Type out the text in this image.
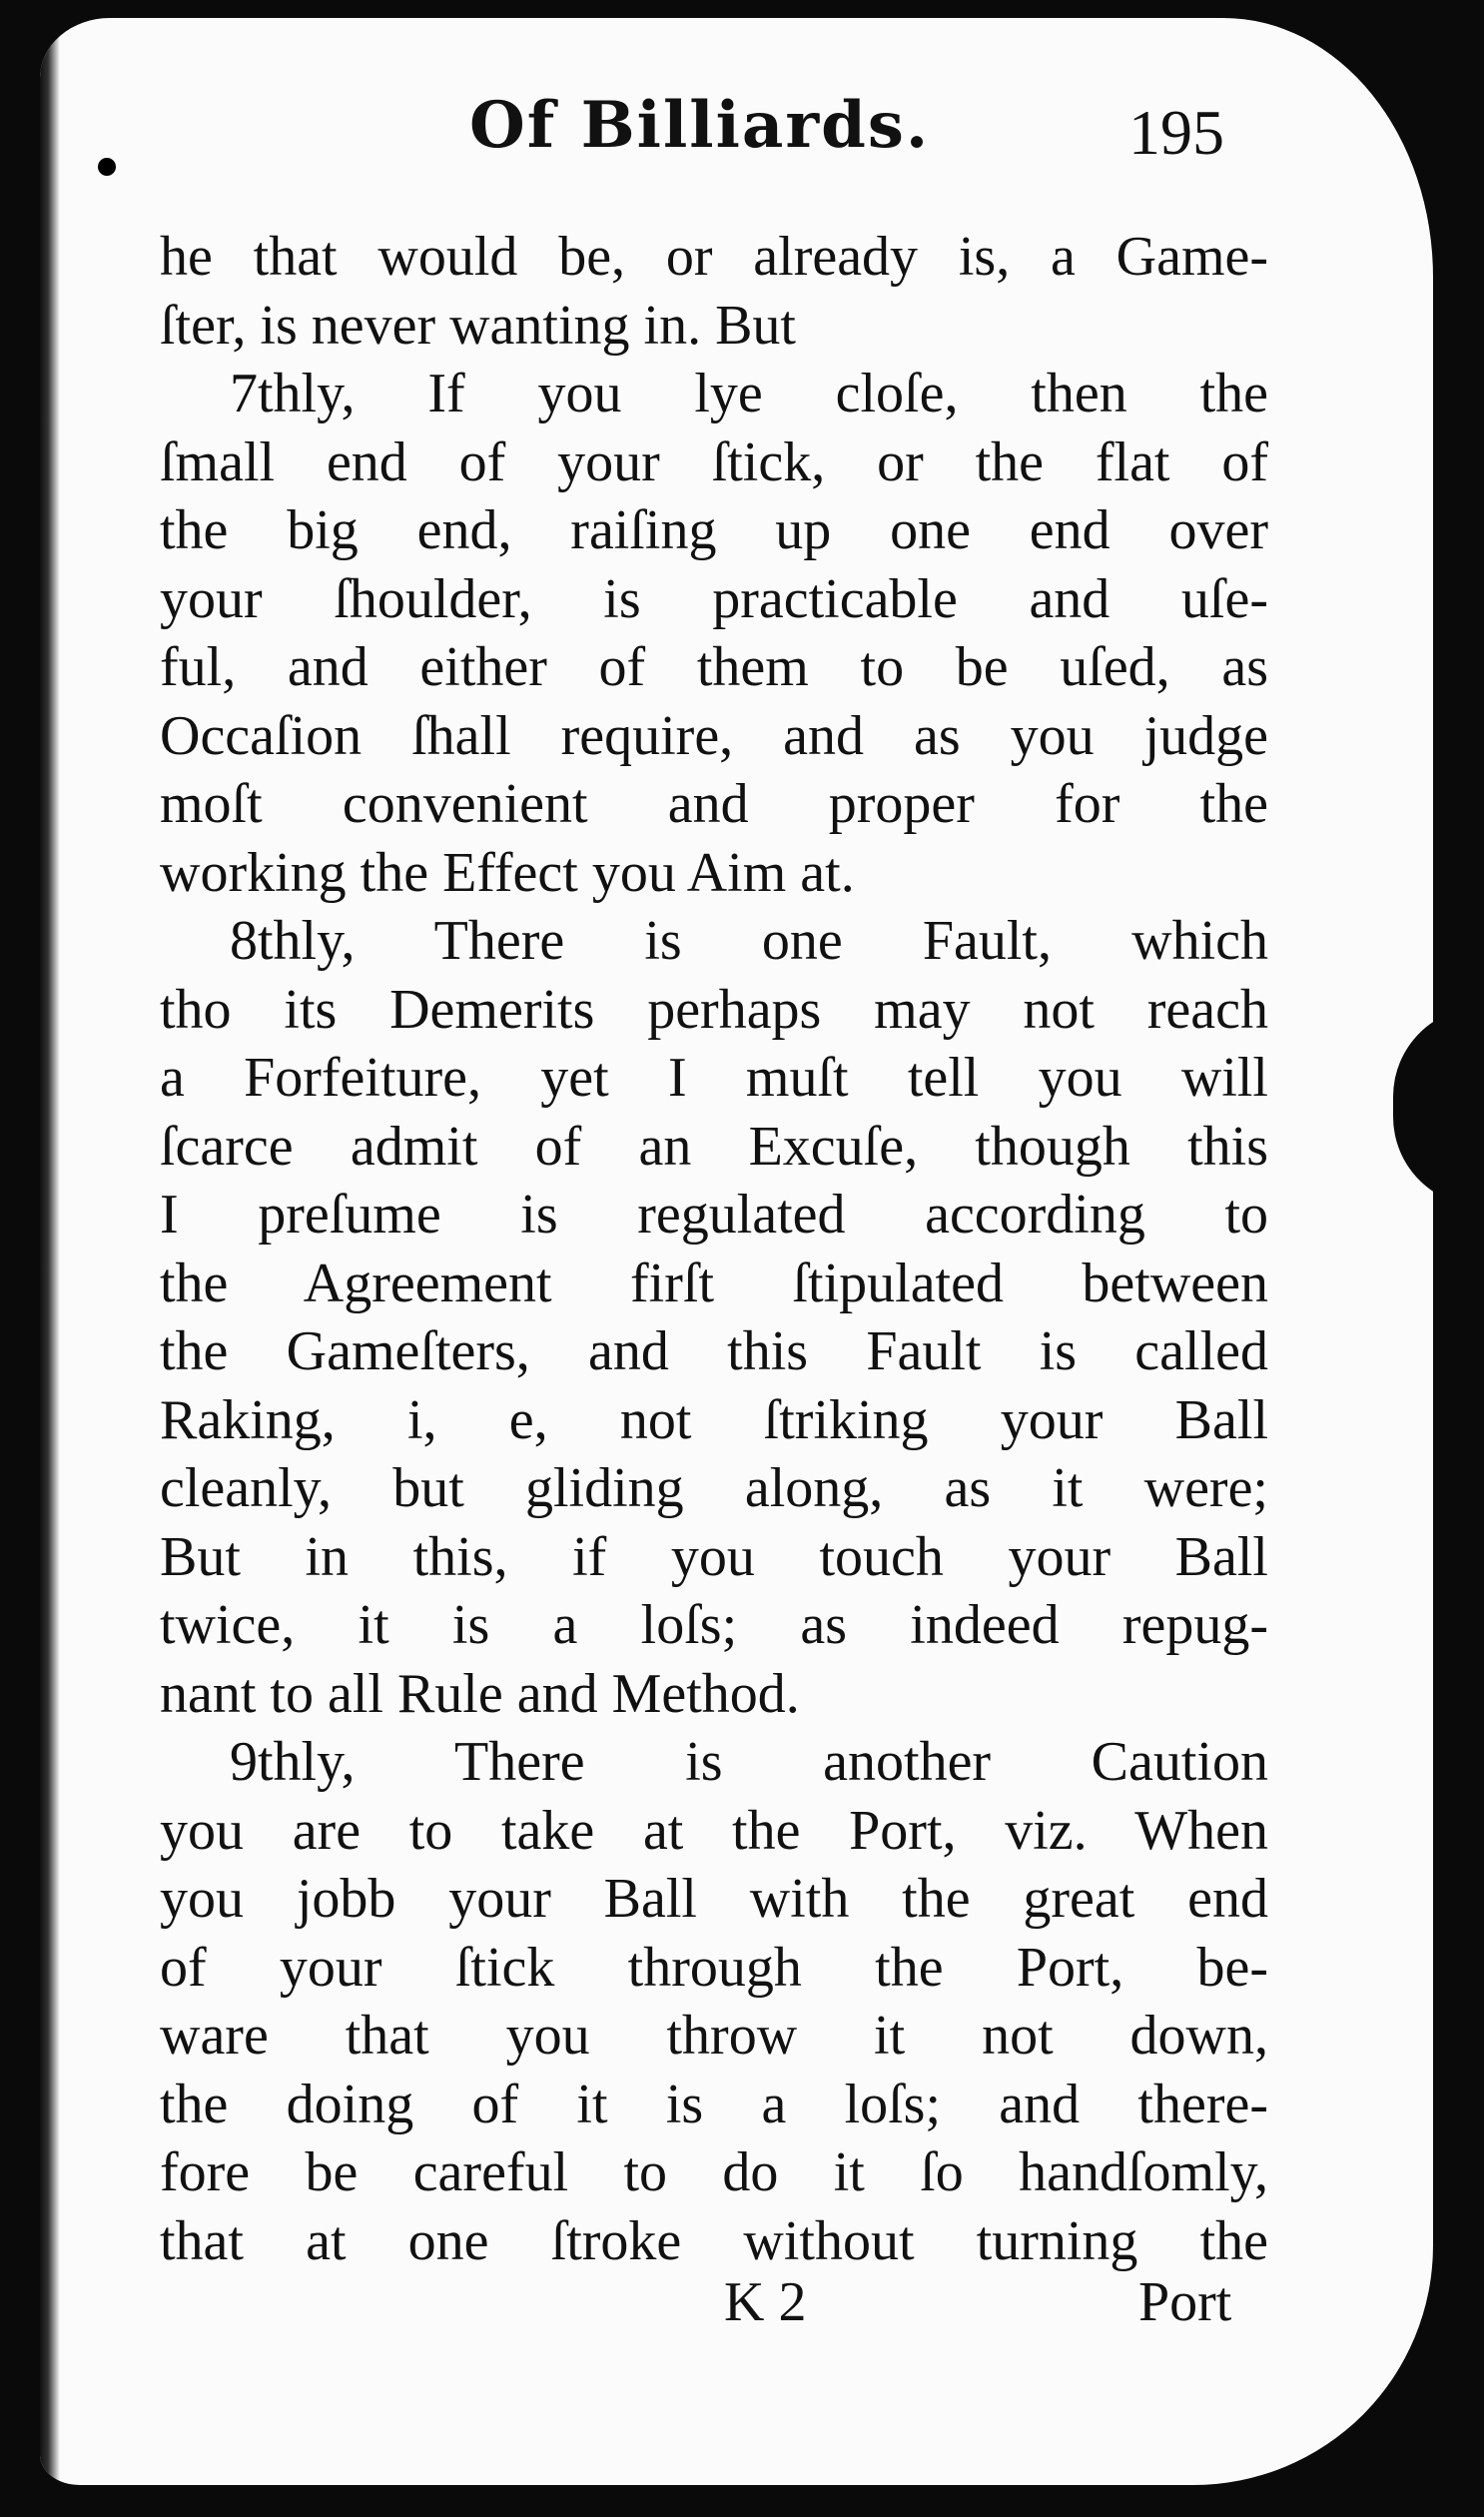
Of Billiards.	195
he that would be, or already is, a Game-
ſter, is never wanting in. But
7thly, If you lye cloſe, then the
ſmall end of your ſtick, or the flat of
the big end, raiſing up one end over
your ſhoulder, is practicable and uſe-
ful, and either of them to be uſed, as
Occaſion ſhall require, and as you judge
moſt convenient and proper for the
working the Effect you Aim at.
8thly, There is one Fault, which
tho its Demerits perhaps may not reach
a Forfeiture, yet I muſt tell you will
ſcarce admit of an Excuſe, though this
I preſume is regulated according to
the Agreement firſt ſtipulated between
the Gameſters, and this Fault is called
Raking, i, e, not ſtriking your Ball
cleanly, but gliding along, as it were;
But in this, if you touch your Ball
twice, it is a loſs; as indeed repug-
nant to all Rule and Method.
9thly, There is another Caution
you are to take at the Port, viz. When
you jobb your Ball with the great end
of your ſtick through the Port, be-
ware that you throw it not down,
the doing of it is a loſs; and there-
fore be careful to do it ſo handſomly,
that at one ſtroke without turning the
K 2	Port
